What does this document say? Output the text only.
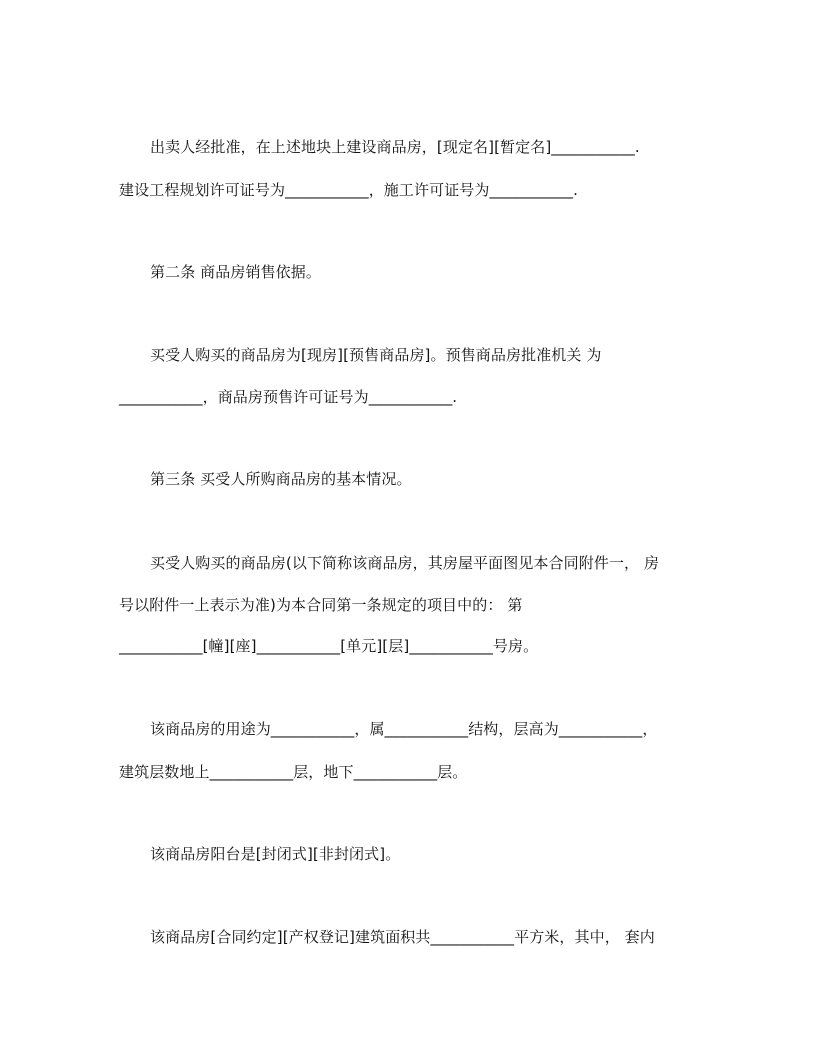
出卖人经批准，在上述地块上建设商品房，[现定名][暂定名]___________.
建设工程规划许可证号为___________，施工许可证号为___________.
第二条 商品房销售依据。
买受人购买的商品房为[现房][预售商品房]。预售商品房批准机关 为
___________，商品房预售许可证号为___________.
第三条 买受人所购商品房的基本情况。
买受人购买的商品房(以下简称该商品房，其房屋平面图见本合同附件一， 房
号以附件一上表示为准)为本合同第一条规定的项目中的： 第
___________[幢][座]___________[单元][层]___________号房。
该商品房的用途为___________，属___________结构，层高为___________，
建筑层数地上___________层，地下___________层。
该商品房阳台是[封闭式][非封闭式]。
该商品房[合同约定][产权登记]建筑面积共___________平方米，其中， 套内
